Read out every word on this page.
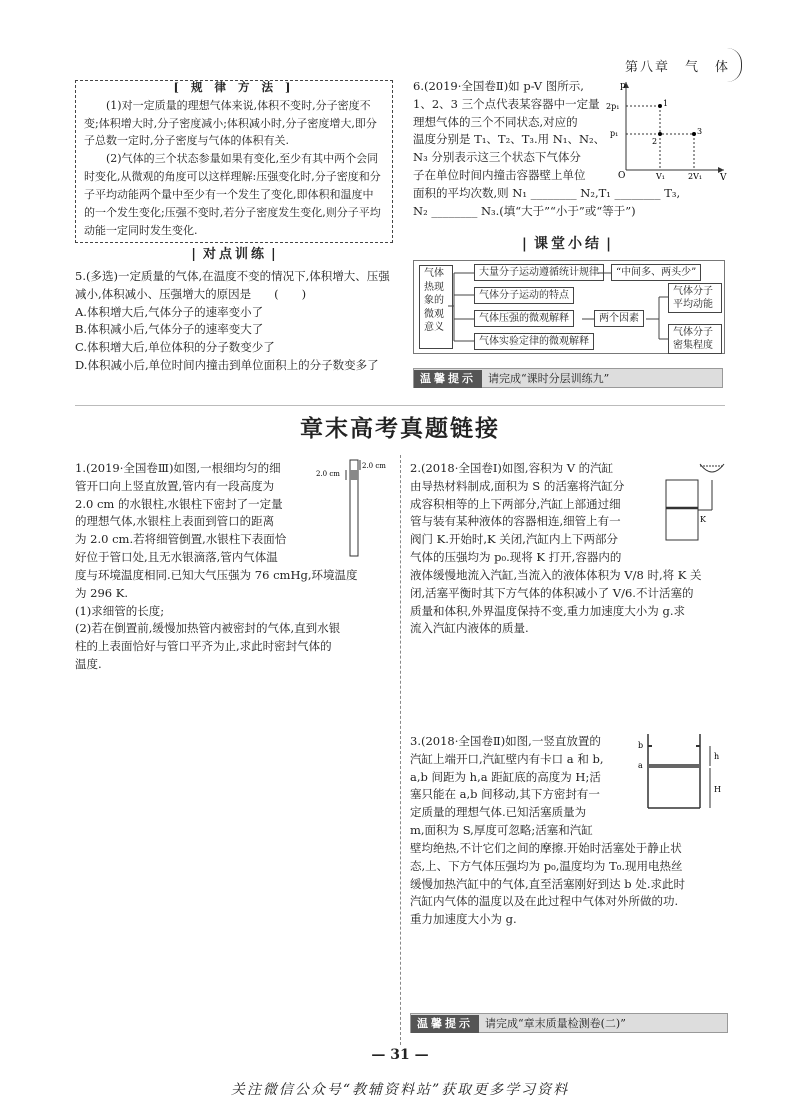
第八章　气　体
[ 规 律 方 法 ]

(1)对一定质量的理想气体来说,体积不变时,分子密度不变;体积增大时,分子密度减小;体积减小时,分子密度增大,即分子总数一定时,分子密度与气体的体积有关.

(2)气体的三个状态参量如果有变化,至少有其中两个会同时变化,从微观的角度可以这样理解:压强变化时,分子密度和分子平均动能两个量中至少有一个发生了变化,即体积和温度中的一个发生变化;压强不变时,若分子密度发生变化,则分子平均动能一定同时发生变化.

| 对点训练 |

5.(多选)一定质量的气体,在温度不变的情况下,体积增大、压强减小,体积减小、压强增大的原因是　　(　　)

A.体积增大后,气体分子的速率变小了

B.体积减小后,气体分子的速率变大了

C.体积增大后,单位体积的分子数变少了

D.体积减小后,单位时间内撞击到单位面积上的分子数变多了

6.(2019·全国卷Ⅱ)如 p-V 图所示,

1、2、3 三个点代表某容器中一定量

理想气体的三个不同状态,对应的

温度分别是 T₁、T₂、T₃.用 N₁、N₂、

N₃ 分别表示这三个状态下气体分

子在单位时间内撞击容器壁上单位

面积的平均次数,则 N₁ ________ N₂,T₁ ________ T₃,

N₂ ________ N₃.(填“大于”“小于”或“等于”)

p
V
O
2p₁
p₁
V₁	2V₁
1
2
3
| 课堂小结 |
气体热现象的微观意义
大量分子运动遵循统计规律	“中间多、两头少”
气体分子运动的特点
气体压强的微观解释	两个因素
气体分子平均动能
气体分子密集程度
气体实验定律的微观解释
温馨提示 请完成“课时分层训练九”
章末高考真题链接

1.(2019·全国卷Ⅲ)如图,一根细均匀的细

管开口向上竖直放置,管内有一段高度为

2.0 cm 的水银柱,水银柱下密封了一定量

的理想气体,水银柱上表面到管口的距离

为 2.0 cm.若将细管倒置,水银柱下表面恰

好位于管口处,且无水银滴落,管内气体温

度与环境温度相同.已知大气压强为 76 cmHg,环境温度

为 296 K.

(1)求细管的长度;

(2)若在倒置前,缓慢加热管内被密封的气体,直到水银

柱的上表面恰好与管口平齐为止,求此时密封气体的

温度.

2.0 cm
2.0 cm 2.(2018·全国卷Ⅰ)如图,容积为 V 的汽缸

由导热材料制成,面积为 S 的活塞将汽缸分

成容积相等的上下两部分,汽缸上部通过细

管与装有某种液体的容器相连,细管上有一

阀门 K.开始时,K 关闭,汽缸内上下两部分

气体的压强均为 p₀.现将 K 打开,容器内的

液体缓慢地流入汽缸,当流入的液体体积为 V/8 时,将 K 关

闭,活塞平衡时其下方气体的体积减小了 V/6.不计活塞的

质量和体积,外界温度保持不变,重力加速度大小为 g.求

流入汽缸内液体的质量.

K

3.(2018·全国卷Ⅱ)如图,一竖直放置的

汽缸上端开口,汽缸壁内有卡口 a 和 b,

a,b 间距为 h,a 距缸底的高度为 H;活

塞只能在 a,b 间移动,其下方密封有一

定质量的理想气体.已知活塞质量为

m,面积为 S,厚度可忽略;活塞和汽缸

壁均绝热,不计它们之间的摩擦.开始时活塞处于静止状

态,上、下方气体压强均为 p₀,温度均为 T₀.现用电热丝

缓慢加热汽缸中的气体,直至活塞刚好到达 b 处.求此时

汽缸内气体的温度以及在此过程中气体对外所做的功.

重力加速度大小为 g.

b
a
h
H
温馨提示 请完成“章末质量检测卷(二)”
— 31 —
关注微信公众号“教辅资料站”获取更多学习资料
